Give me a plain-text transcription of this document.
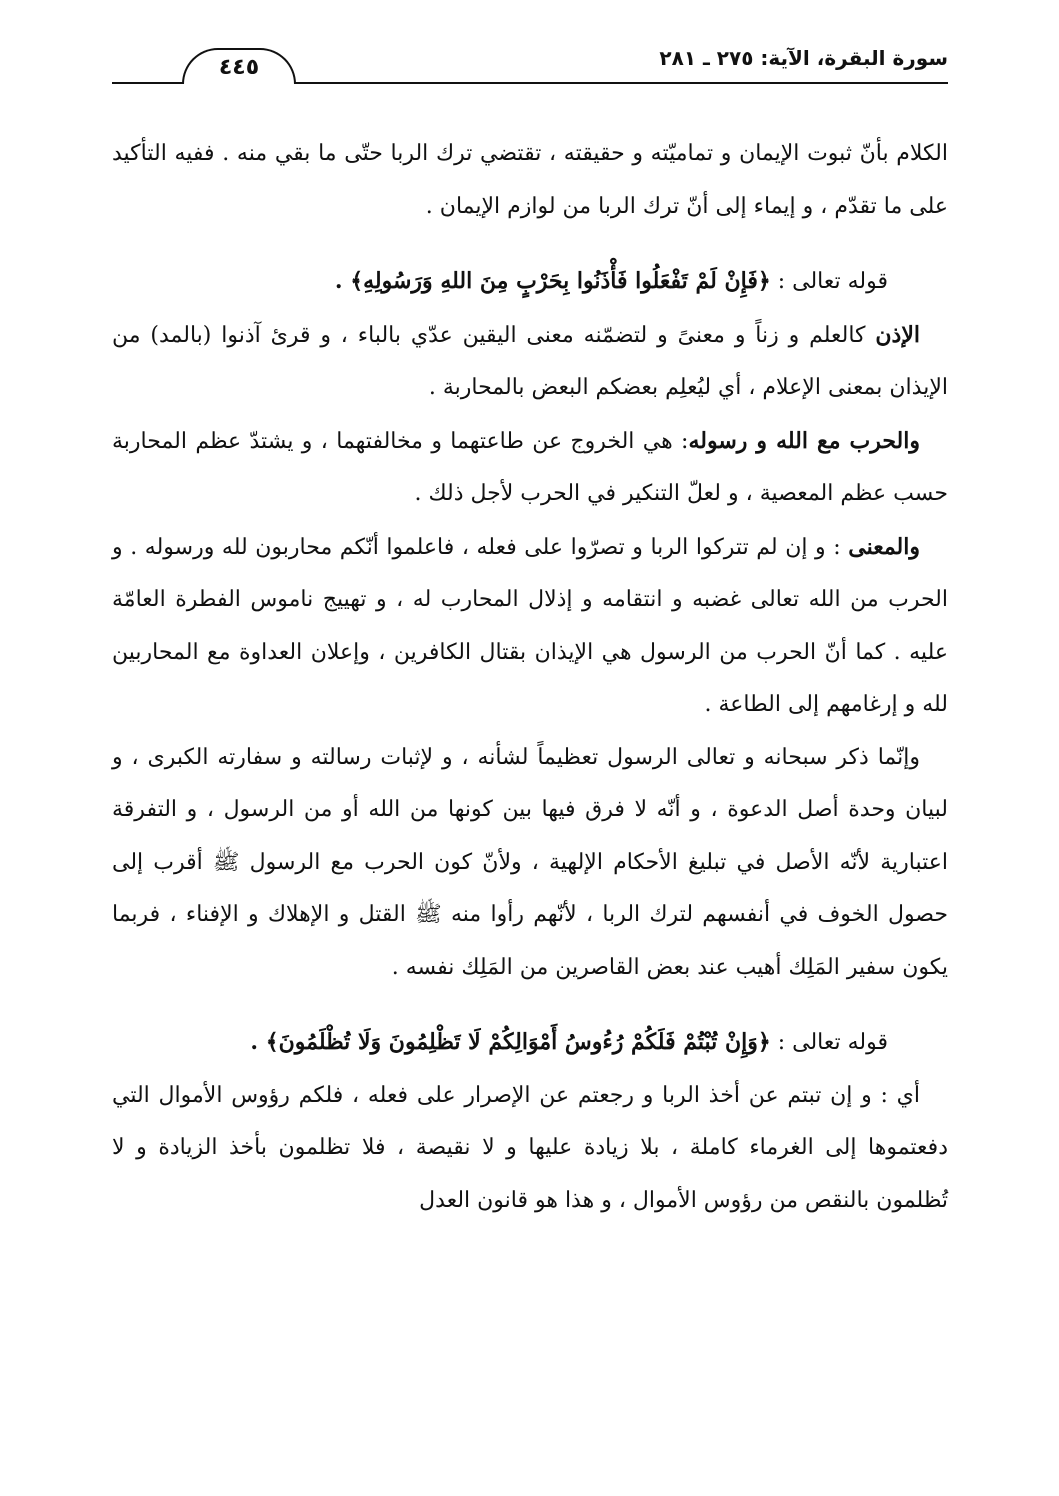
سورة البقرة، الآية: ٢٧٥ ـ ٢٨١
٤٤٥

الكلام بأنّ ثبوت الإيمان و تماميّته و حقيقته ، تقتضي ترك الربا حتّى ما بقي منه . ففيه التأكيد على ما تقدّم ، و إيماء إلى أنّ ترك الربا من لوازم الإيمان .

قوله تعالى : ﴿فَإِنْ لَمْ تَفْعَلُوا فَأْذَنُوا بِحَرْبٍ مِنَ اللهِ وَرَسُولِهِ﴾ .

الإذن كالعلم و زناً و معنىً و لتضمّنه معنى اليقين عدّي بالباء ، و قرئ آذنوا (بالمد) من الإيذان بمعنى الإعلام ، أي ليُعلِم بعضكم البعض بالمحاربة .

والحرب مع الله و رسوله: هي الخروج عن طاعتهما و مخالفتهما ، و يشتدّ عظم المحاربة حسب عظم المعصية ، و لعلّ التنكير في الحرب لأجل ذلك .

والمعنى : و إن لم تتركوا الربا و تصرّوا على فعله ، فاعلموا أنّكم محاربون لله ورسوله . و الحرب من الله تعالى غضبه و انتقامه و إذلال المحارب له ، و تهييج ناموس الفطرة العامّة عليه . كما أنّ الحرب من الرسول هي الإيذان بقتال الكافرين ، وإعلان العداوة مع المحاربين لله و إرغامهم إلى الطاعة .

وإنّما ذكر سبحانه و تعالى الرسول تعظيماً لشأنه ، و لإثبات رسالته و سفارته الكبرى ، و لبيان وحدة أصل الدعوة ، و أنّه لا فرق فيها بين كونها من الله أو من الرسول ، و التفرقة اعتبارية لأنّه الأصل في تبليغ الأحكام الإلهية ، ولأنّ كون الحرب مع الرسول ﷺ أقرب إلى حصول الخوف في أنفسهم لترك الربا ، لأنّهم رأوا منه ﷺ القتل و الإهلاك و الإفناء ، فربما يكون سفير المَلِك أهيب عند بعض القاصرين من المَلِك نفسه .

قوله تعالى : ﴿وَإِنْ تُبْتُمْ فَلَكُمْ رُءُوسُ أَمْوَالِكُمْ لَا تَظْلِمُونَ وَلَا تُظْلَمُونَ﴾ .

أي : و إن تبتم عن أخذ الربا و رجعتم عن الإصرار على فعله ، فلكم رؤوس الأموال التي دفعتموها إلى الغرماء كاملة ، بلا زيادة عليها و لا نقيصة ، فلا تظلمون بأخذ الزيادة و لا تُظلمون بالنقص من رؤوس الأموال ، و هذا هو قانون العدل
